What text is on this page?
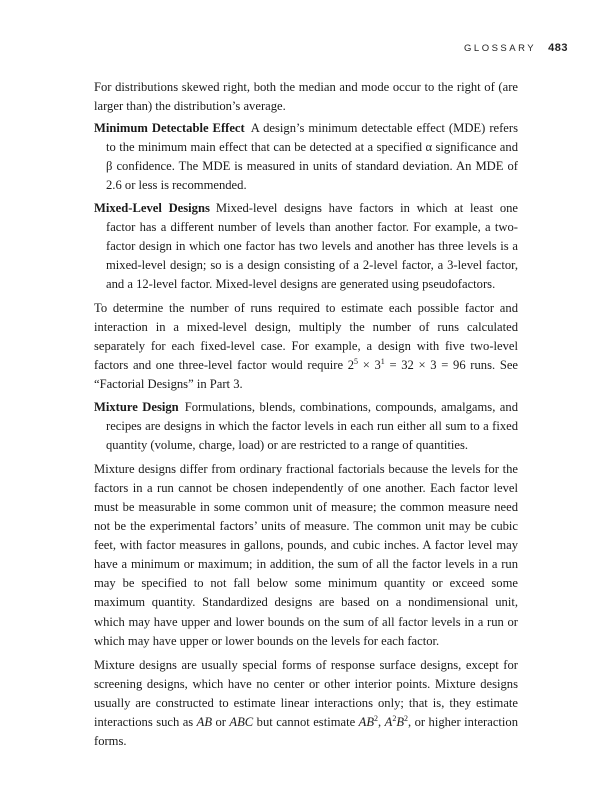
GLOSSARY 483

For distributions skewed right, both the median and mode occur to the right of (are larger than) the distribution’s average.

Minimum Detectable Effect A design’s minimum detectable effect (MDE) refers to the minimum main effect that can be detected at a specified α significance and β confidence. The MDE is measured in units of standard deviation. An MDE of 2.6 or less is recommended.

Mixed-Level Designs Mixed-level designs have factors in which at least one factor has a different number of levels than another factor. For example, a two-factor design in which one factor has two levels and another has three levels is a mixed-level design; so is a design consisting of a 2-level factor, a 3-level factor, and a 12-level factor. Mixed-level designs are generated using pseudofactors.

To determine the number of runs required to estimate each possible factor and interaction in a mixed-level design, multiply the number of runs calculated separately for each fixed-level case. For example, a design with five two-level factors and one three-level factor would require $2^5 \times 3^1 = 32 \times 3 = 96$ runs. See “Factorial Designs” in Part 3.

Mixture Design Formulations, blends, combinations, compounds, amalgams, and recipes are designs in which the factor levels in each run either all sum to a fixed quantity (volume, charge, load) or are restricted to a range of quantities.

Mixture designs differ from ordinary fractional factorials because the levels for the factors in a run cannot be chosen independently of one another. Each factor level must be measurable in some common unit of measure; the common measure need not be the experimental factors’ units of measure. The common unit may be cubic feet, with factor measures in gallons, pounds, and cubic inches. A factor level may have a minimum or maximum; in addition, the sum of all the factor levels in a run may be specified to not fall below some minimum quantity or exceed some maximum quantity. Standardized designs are based on a nondimensional unit, which may have upper and lower bounds on the sum of all factor levels in a run or which may have upper or lower bounds on the levels for each factor.

Mixture designs are usually special forms of response surface designs, except for screening designs, which have no center or other interior points. Mixture designs usually are constructed to estimate linear interactions only; that is, they estimate interactions such as AB or ABC but cannot estimate $AB^2$, $A^2B^2$, or higher interaction forms.
